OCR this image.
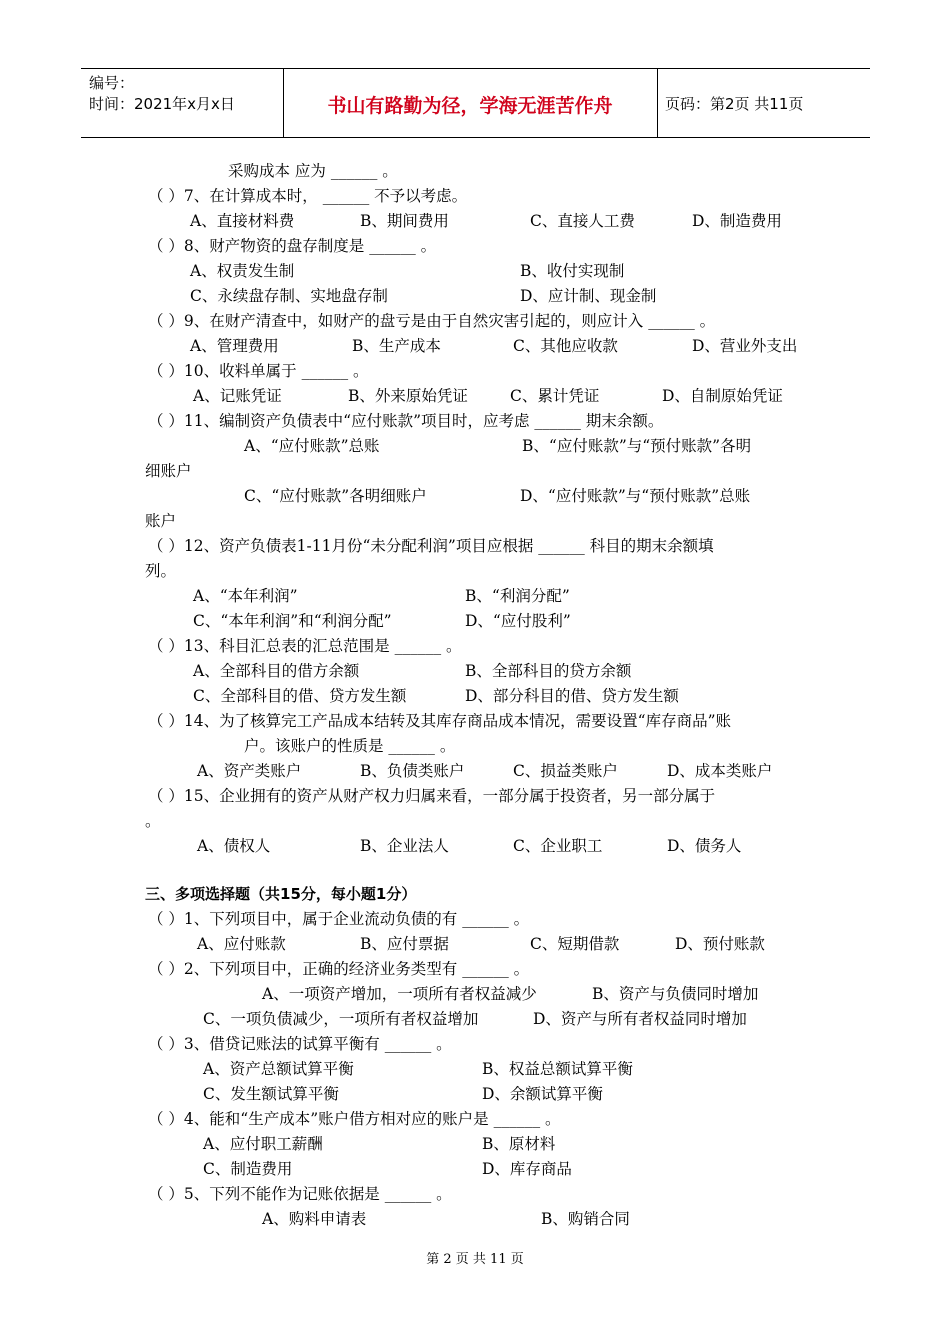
编号：
时间：2021年x月x日	书山有路勤为径，学海无涯苦作舟	页码：第2页 共11页
采购成本 应为 ______ 。
（ ）7、在计算成本时， ______ 不予以考虑。
A、直接材料费	B、期间费用	C、直接人工费	D、制造费用
（ ）8、财产物资的盘存制度是 ______ 。
A、权责发生制	B、收付实现制
C、永续盘存制、实地盘存制	D、应计制、现金制
（ ）9、在财产清查中，如财产的盘亏是由于自然灾害引起的，则应计入 ______ 。
A、管理费用	B、生产成本	C、其他应收款	D、营业外支出
（ ）10、收料单属于 ______ 。
A、记账凭证	B、外来原始凭证	C、累计凭证	D、自制原始凭证
（ ）11、编制资产负债表中“应付账款”项目时，应考虑 ______ 期末余额。
A、“应付账款”总账	B、“应付账款”与“预付账款”各明
细账户
C、“应付账款”各明细账户	D、“应付账款”与“预付账款”总账
账户
（ ）12、资产负债表1-11月份“未分配利润”项目应根据 ______ 科目的期末余额填
列。
A、“本年利润”	B、“利润分配”
C、“本年利润”和“利润分配”	D、“应付股利”
（ ）13、科目汇总表的汇总范围是 ______ 。
A、全部科目的借方余额	B、全部科目的贷方余额
C、全部科目的借、贷方发生额	D、部分科目的借、贷方发生额
（ ）14、为了核算完工产品成本结转及其库存商品成本情况，需要设置“库存商品”账
户。该账户的性质是 ______ 。
A、资产类账户	B、负债类账户	C、损益类账户	D、成本类账户
（ ）15、企业拥有的资产从财产权力归属来看，一部分属于投资者，另一部分属于
。
A、债权人	B、企业法人	C、企业职工	D、债务人
三、多项选择题（共15分，每小题1分）
（ ）1、下列项目中，属于企业流动负债的有 ______ 。
A、应付账款	B、应付票据	C、短期借款	D、预付账款
（ ）2、下列项目中，正确的经济业务类型有 ______ 。
A、一项资产增加，一项所有者权益减少	B、资产与负债同时增加
C、一项负债减少，一项所有者权益增加	D、资产与所有者权益同时增加
（ ）3、借贷记账法的试算平衡有 ______ 。
A、资产总额试算平衡	B、权益总额试算平衡
C、发生额试算平衡	D、余额试算平衡
（ ）4、能和“生产成本”账户借方相对应的账户是 ______ 。
A、应付职工薪酬	B、原材料
C、制造费用	D、库存商品
（ ）5、下列不能作为记账依据是 ______ 。
A、购料申请表	B、购销合同
第 2 页 共 11 页
